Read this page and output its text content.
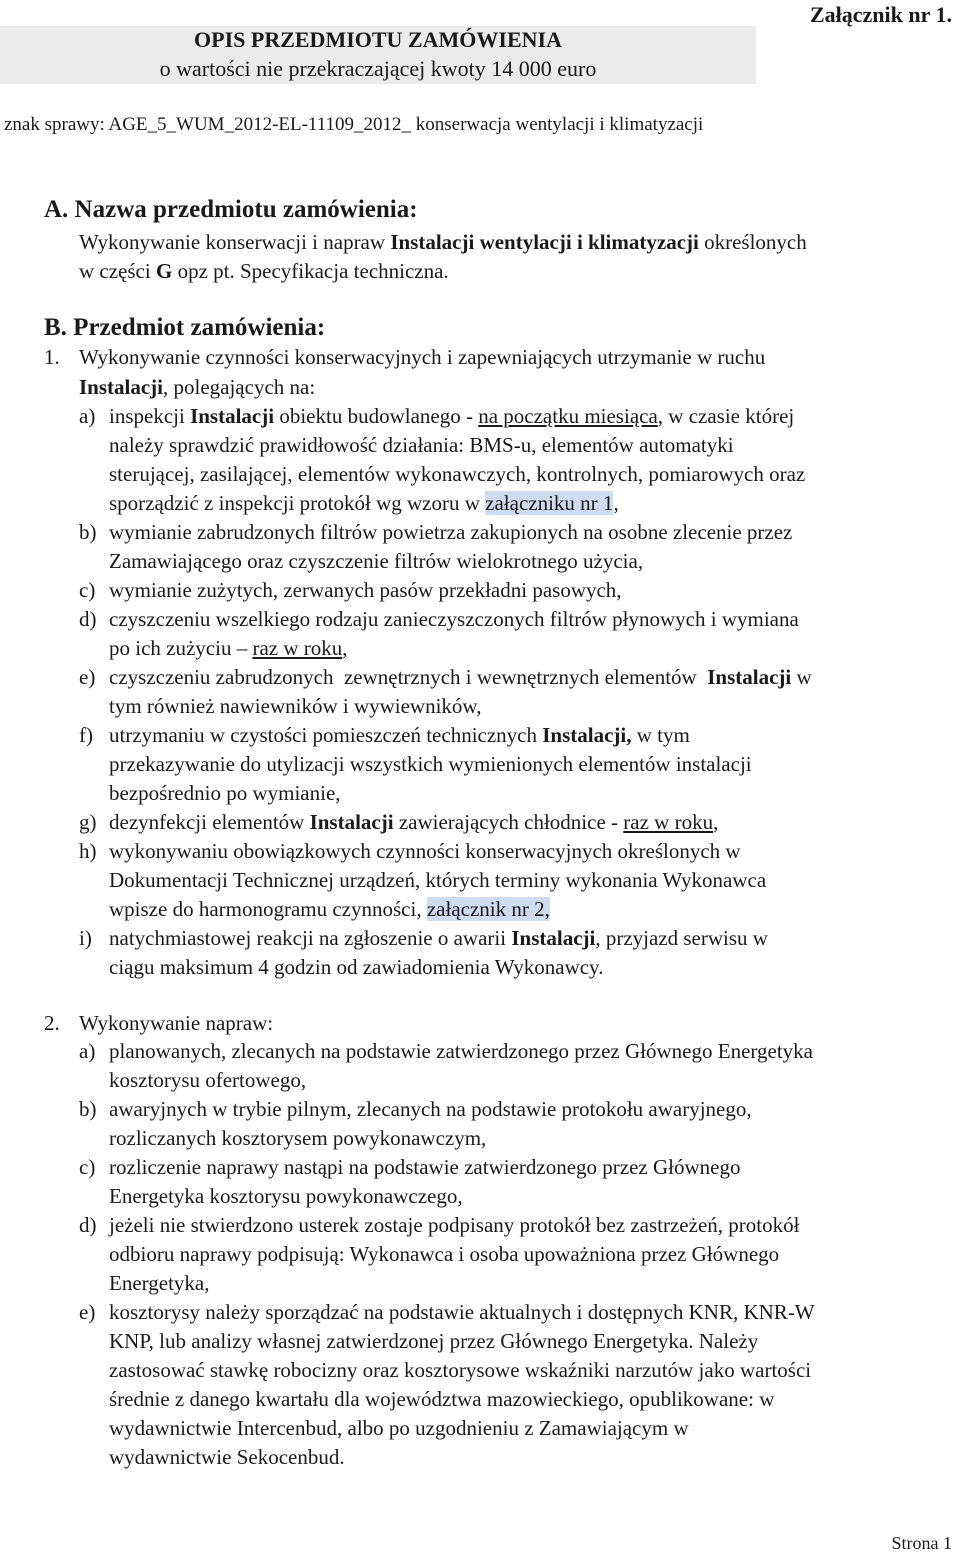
OPIS PRZEDMIOTU ZAMÓWIENIA
o wartości nie przekraczającej kwoty 14 000 euro
Załącznik nr 1.
znak sprawy: AGE_5_WUM_2012-EL-11109_2012_ konserwacja wentylacji i klimatyzacji
A. Nazwa przedmiotu zamówienia:
Wykonywanie konserwacji i napraw Instalacji wentylacji i klimatyzacji określonych
w części G opz pt. Specyfikacja techniczna.
B. Przedmiot zamówienia:
1. Wykonywanie czynności konserwacyjnych i zapewniających utrzymanie w ruchu
Instalacji, polegających na:
a) inspekcji Instalacji obiektu budowlanego - na początku miesiąca, w czasie której
należy sprawdzić prawidłowość działania: BMS-u, elementów automatyki
sterującej, zasilającej, elementów wykonawczych, kontrolnych, pomiarowych oraz
sporządzić z inspekcji protokół wg wzoru w załączniku nr 1,
b) wymianie zabrudzonych filtrów powietrza zakupionych na osobne zlecenie przez
Zamawiającego oraz czyszczenie filtrów wielokrotnego użycia,
c) wymianie zużytych, zerwanych pasów przekładni pasowych,
d) czyszczeniu wszelkiego rodzaju zanieczyszczonych filtrów płynowych i wymiana
po ich zużyciu – raz w roku,
e) czyszczeniu zabrudzonych  zewnętrznych i wewnętrznych elementów  Instalacji w
tym również nawiewników i wywiewników,
f) utrzymaniu w czystości pomieszczeń technicznych Instalacji, w tym
przekazywanie do utylizacji wszystkich wymienionych elementów instalacji
bezpośrednio po wymianie,
g) dezynfekcji elementów Instalacji zawierających chłodnice - raz w roku,
h) wykonywaniu obowiązkowych czynności konserwacyjnych określonych w
Dokumentacji Technicznej urządzeń, których terminy wykonania Wykonawca
wpisze do harmonogramu czynności, załącznik nr 2,
i) natychmiastowej reakcji na zgłoszenie o awarii Instalacji, przyjazd serwisu w
ciągu maksimum 4 godzin od zawiadomienia Wykonawcy.
2. Wykonywanie napraw:
a) planowanych, zlecanych na podstawie zatwierdzonego przez Głównego Energetyka
kosztorysu ofertowego,
b) awaryjnych w trybie pilnym, zlecanych na podstawie protokołu awaryjnego,
rozliczanych kosztorysem powykonawczym,
c) rozliczenie naprawy nastąpi na podstawie zatwierdzonego przez Głównego
Energetyka kosztorysu powykonawczego,
d) jeżeli nie stwierdzono usterek zostaje podpisany protokół bez zastrzeżeń, protokół
odbioru naprawy podpisują: Wykonawca i osoba upoważniona przez Głównego
Energetyka,
e) kosztorysy należy sporządzać na podstawie aktualnych i dostępnych KNR, KNR-W
KNP, lub analizy własnej zatwierdzonej przez Głównego Energetyka. Należy
zastosować stawkę robocizny oraz kosztorysowe wskaźniki narzutów jako wartości
średnie z danego kwartału dla województwa mazowieckiego, opublikowane: w
wydawnictwie Intercenbud, albo po uzgodnieniu z Zamawiającym w
wydawnictwie Sekocenbud.
Strona 1
